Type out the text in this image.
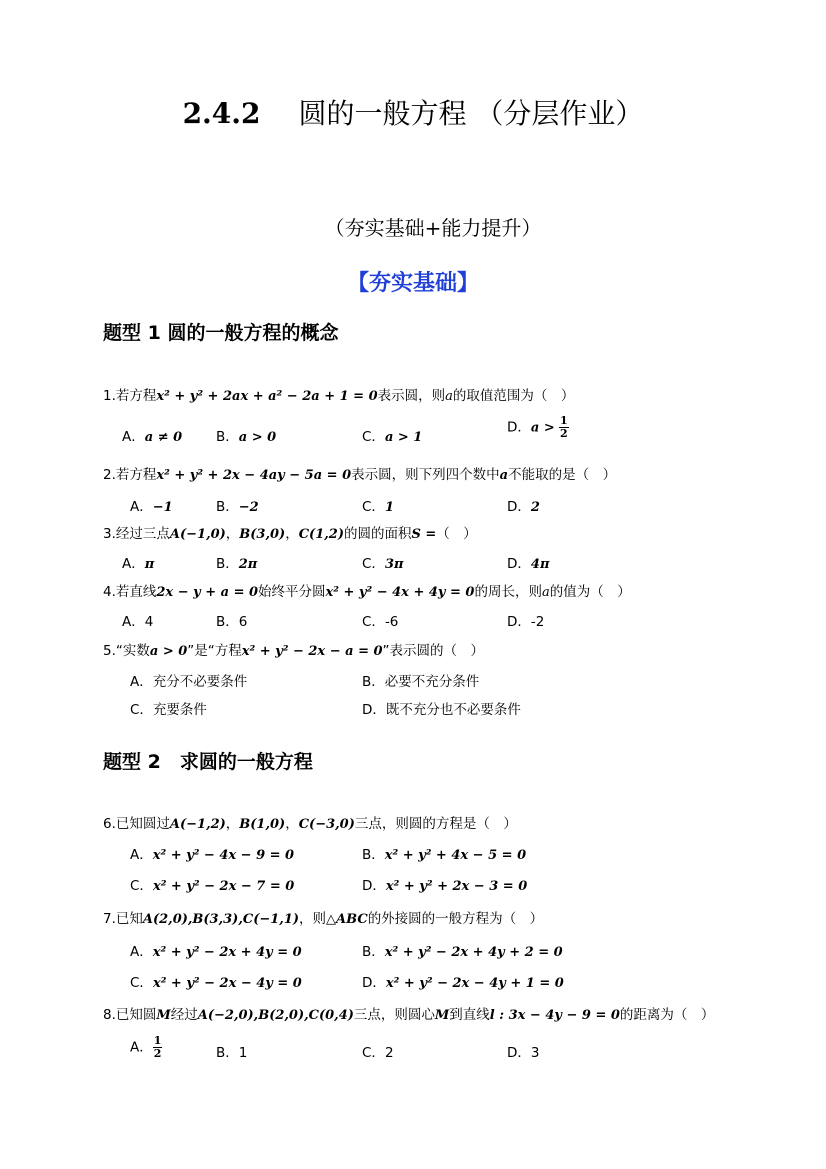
2.4.2 圆的一般方程 （分层作业）
（夯实基础+能力提升）
【夯实基础】
题型 1 圆的一般方程的概念
1.若方程x² + y² + 2ax + a² − 2a + 1 = 0表示圆，则a的取值范围为（　）
A．a ≠ 0	B．a > 0	C．a > 1
D．$a > \frac{1}{2}$
2.若方程x² + y² + 2x − 4ay − 5a = 0表示圆，则下列四个数中a不能取的是（　）
A．−1	B．−2	C．1	D．2
3.经过三点A(−1,0)，B(3,0)，C(1,2)的圆的面积S =（　）
A．π	B．2π	C．3π	D．4π
4.若直线2x − y + a = 0始终平分圆x² + y² − 4x + 4y = 0的周长，则a的值为（　）
A．4	B．6	C．-6	D．-2
5.“实数a > 0”是“方程x² + y² − 2x − a = 0”表示圆的（　）
A．充分不必要条件	B．必要不充分条件
C．充要条件	D．既不充分也不必要条件
题型 2　求圆的一般方程
6.已知圆过A(−1,2)，B(1,0)，C(−3,0)三点，则圆的方程是（　）
A．x² + y² − 4x − 9 = 0	B．x² + y² + 4x − 5 = 0
C．x² + y² − 2x − 7 = 0	D．x² + y² + 2x − 3 = 0
7.已知A(2,0),B(3,3),C(−1,1)，则△ABC的外接圆的一般方程为（　）
A．x² + y² − 2x + 4y = 0	B．x² + y² − 2x + 4y + 2 = 0
C．x² + y² − 2x − 4y = 0	D．x² + y² − 2x − 4y + 1 = 0
8.已知圆M经过A(−2,0),B(2,0),C(0,4)三点，则圆心M到直线l : 3x − 4y − 9 = 0的距离为（　）
A． $\frac{1}{2}$	B．1	C．2	D．3
